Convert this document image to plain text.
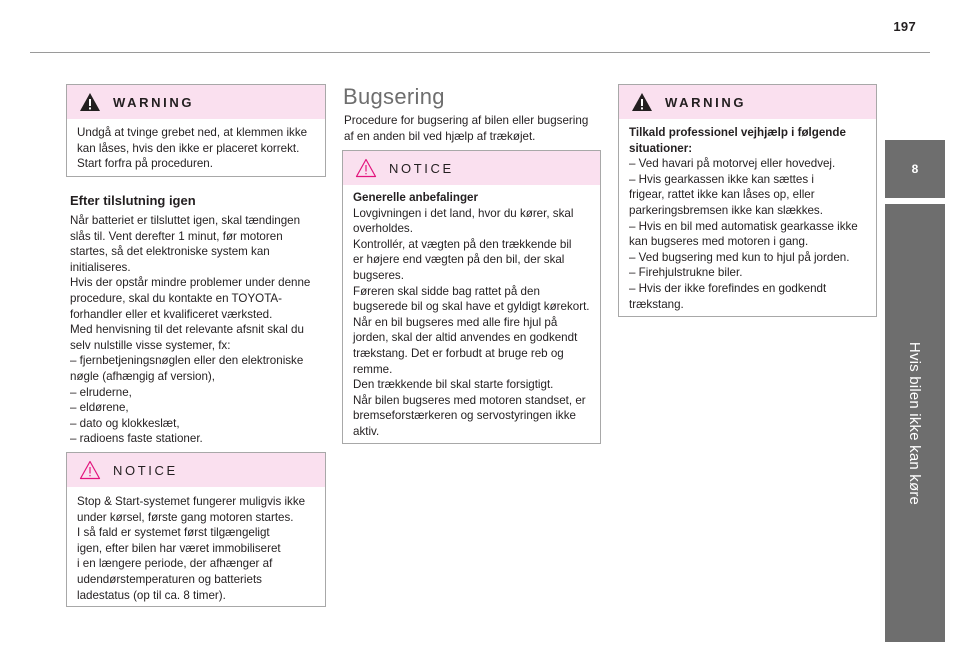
197
8
Hvis bilen ikke kan køre
WARNING

Undgå at tvinge grebet ned, at klemmen ikke

kan låses, hvis den ikke er placeret korrekt.

Start forfra på proceduren.

Efter tilslutning igen

Når batteriet er tilsluttet igen, skal tændingen

slås til. Vent derefter 1 minut, før motoren

startes, så det elektroniske system kan

initialiseres.

Hvis der opstår mindre problemer under denne

procedure, skal du kontakte en TOYOTA-

forhandler eller et kvalificeret værksted.

Med henvisning til det relevante afsnit skal du

selv nulstille visse systemer, fx:

– fjernbetjeningsnøglen eller den elektroniske

nøgle (afhængig af version),

– elruderne,

– eldørene,

– dato og klokkeslæt,

– radioens faste stationer.

NOTICE

Stop & Start-systemet fungerer muligvis ikke

under kørsel, første gang motoren startes.

I så fald er systemet først tilgængeligt

igen, efter bilen har været immobiliseret

i en længere periode, der afhænger af

udendørstemperaturen og batteriets

ladestatus (op til ca. 8 timer).

Bugsering

Procedure for bugsering af bilen eller bugsering

af en anden bil ved hjælp af trækøjet.

NOTICE

Generelle anbefalinger

Lovgivningen i det land, hvor du kører, skal

overholdes.

Kontrollér, at vægten på den trækkende bil

er højere end vægten på den bil, der skal

bugseres.

Føreren skal sidde bag rattet på den

bugserede bil og skal have et gyldigt kørekort.

Når en bil bugseres med alle fire hjul på

jorden, skal der altid anvendes en godkendt

trækstang. Det er forbudt at bruge reb og

remme.

Den trækkende bil skal starte forsigtigt.

Når bilen bugseres med motoren standset, er

bremseforstærkeren og servostyringen ikke

aktiv.

WARNING

Tilkald professionel vejhjælp i følgende

situationer:

– Ved havari på motorvej eller hovedvej.

– Hvis gearkassen ikke kan sættes i

frigear, rattet ikke kan låses op, eller

parkeringsbremsen ikke kan slækkes.

– Hvis en bil med automatisk gearkasse ikke

kan bugseres med motoren i gang.

– Ved bugsering med kun to hjul på jorden.

– Firehjulstrukne biler.

– Hvis der ikke forefindes en godkendt

trækstang.
